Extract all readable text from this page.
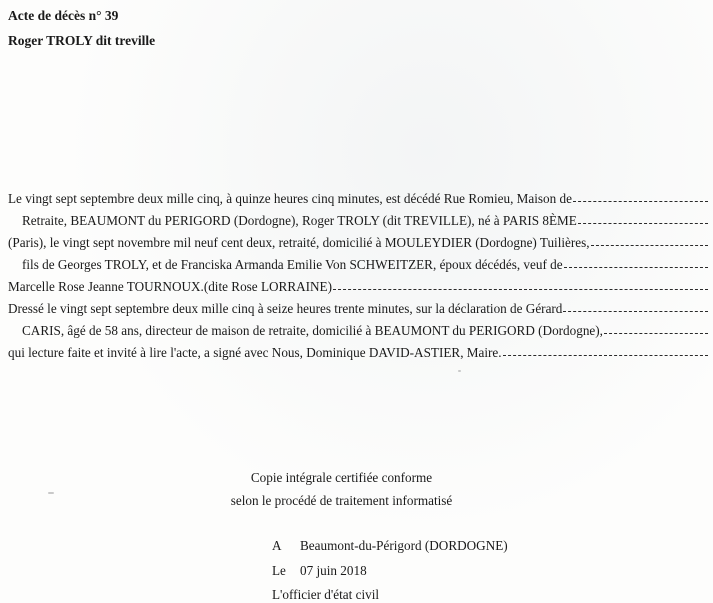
Acte de décès n° 39
Roger TROLY dit treville
Le vingt sept septembre deux mille cinq, à quinze heures cinq minutes, est décédé Rue Romieu, Maison de
Retraite, BEAUMONT du PERIGORD (Dordogne), Roger TROLY (dit TREVILLE), né à PARIS 8ÈME
(Paris), le vingt sept novembre mil neuf cent deux, retraité, domicilié à MOULEYDIER (Dordogne) Tuilières,
fils de Georges TROLY, et de Franciska Armanda Emilie Von SCHWEITZER, époux décédés, veuf de
Marcelle Rose Jeanne TOURNOUX.(dite Rose LORRAINE)
Dressé le vingt sept septembre deux mille cinq à seize heures trente minutes, sur la déclaration de Gérard
CARIS, âgé de 58 ans, directeur de maison de retraite, domicilié à BEAUMONT du PERIGORD (Dordogne),
qui lecture faite et invité à lire l'acte, a signé avec Nous, Dominique DAVID-ASTIER, Maire.
Copie intégrale certifiée conforme
selon le procédé de traitement informatisé
A Beaumont-du-Périgord (DORDOGNE)
Le 07 juin 2018
L'officier d'état civil
